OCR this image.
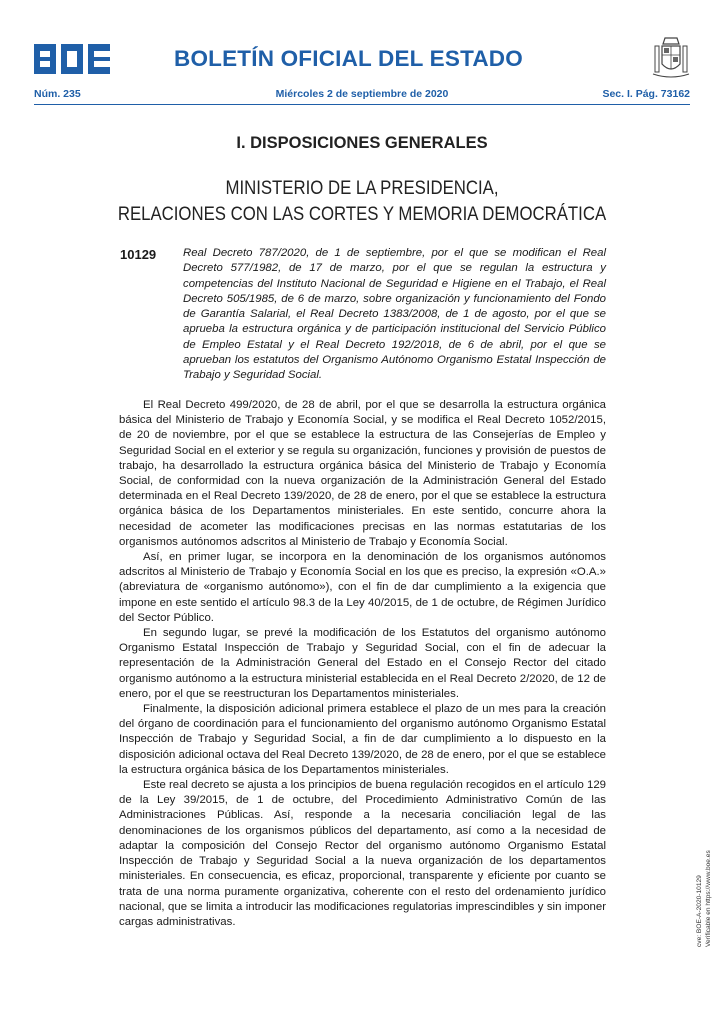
BOLETÍN OFICIAL DEL ESTADO
Núm. 235	Miércoles 2 de septiembre de 2020	Sec. I. Pág. 73162
I. DISPOSICIONES GENERALES
MINISTERIO DE LA PRESIDENCIA,
RELACIONES CON LAS CORTES Y MEMORIA DEMOCRÁTICA
10129 Real Decreto 787/2020, de 1 de septiembre, por el que se modifican el Real Decreto 577/1982, de 17 de marzo, por el que se regulan la estructura y competencias del Instituto Nacional de Seguridad e Higiene en el Trabajo, el Real Decreto 505/1985, de 6 de marzo, sobre organización y funcionamiento del Fondo de Garantía Salarial, el Real Decreto 1383/2008, de 1 de agosto, por el que se aprueba la estructura orgánica y de participación institucional del Servicio Público de Empleo Estatal y el Real Decreto 192/2018, de 6 de abril, por el que se aprueban los estatutos del Organismo Autónomo Organismo Estatal Inspección de Trabajo y Seguridad Social.

El Real Decreto 499/2020, de 28 de abril, por el que se desarrolla la estructura orgánica básica del Ministerio de Trabajo y Economía Social, y se modifica el Real Decreto 1052/2015, de 20 de noviembre, por el que se establece la estructura de las Consejerías de Empleo y Seguridad Social en el exterior y se regula su organización, funciones y provisión de puestos de trabajo, ha desarrollado la estructura orgánica básica del Ministerio de Trabajo y Economía Social, de conformidad con la nueva organización de la Administración General del Estado determinada en el Real Decreto 139/2020, de 28 de enero, por el que se establece la estructura orgánica básica de los Departamentos ministeriales. En este sentido, concurre ahora la necesidad de acometer las modificaciones precisas en las normas estatutarias de los organismos autónomos adscritos al Ministerio de Trabajo y Economía Social.

Así, en primer lugar, se incorpora en la denominación de los organismos autónomos adscritos al Ministerio de Trabajo y Economía Social en los que es preciso, la expresión «O.A.» (abreviatura de «organismo autónomo»), con el fin de dar cumplimiento a la exigencia que impone en este sentido el artículo 98.3 de la Ley 40/2015, de 1 de octubre, de Régimen Jurídico del Sector Público.

En segundo lugar, se prevé la modificación de los Estatutos del organismo autónomo Organismo Estatal Inspección de Trabajo y Seguridad Social, con el fin de adecuar la representación de la Administración General del Estado en el Consejo Rector del citado organismo autónomo a la estructura ministerial establecida en el Real Decreto 2/2020, de 12 de enero, por el que se reestructuran los Departamentos ministeriales.

Finalmente, la disposición adicional primera establece el plazo de un mes para la creación del órgano de coordinación para el funcionamiento del organismo autónomo Organismo Estatal Inspección de Trabajo y Seguridad Social, a fin de dar cumplimiento a lo dispuesto en la disposición adicional octava del Real Decreto 139/2020, de 28 de enero, por el que se establece la estructura orgánica básica de los Departamentos ministeriales.

Este real decreto se ajusta a los principios de buena regulación recogidos en el artículo 129 de la Ley 39/2015, de 1 de octubre, del Procedimiento Administrativo Común de las Administraciones Públicas. Así, responde a la necesaria conciliación legal de las denominaciones de los organismos públicos del departamento, así como a la necesidad de adaptar la composición del Consejo Rector del organismo autónomo Organismo Estatal Inspección de Trabajo y Seguridad Social a la nueva organización de los departamentos ministeriales. En consecuencia, es eficaz, proporcional, transparente y eficiente por cuanto se trata de una norma puramente organizativa, coherente con el resto del ordenamiento jurídico nacional, que se limita a introducir las modificaciones regulatorias imprescindibles y sin imponer cargas administrativas.	cve: BOE-A-2020-10129 Verificable en https://www.boe.es
